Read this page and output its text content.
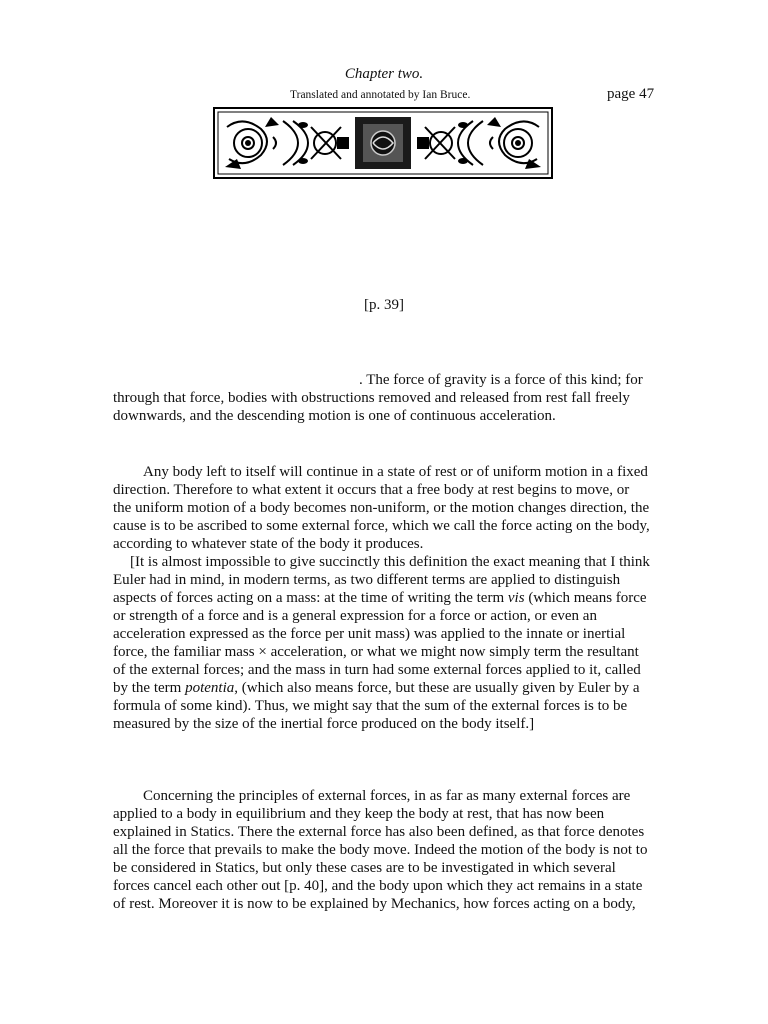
Chapter two.
Translated and annotated by Ian Bruce.	page 47
[p. 39]
. The force of gravity is a force of this kind; for
through that force, bodies with obstructions removed and released from rest fall freely
downwards, and the descending motion is one of continuous acceleration.
Any body left to itself will continue in a state of rest or of uniform motion in a fixed
direction. Therefore to what extent it occurs that a free body at rest begins to move, or
the uniform motion of a body becomes non-uniform, or the motion changes direction, the
cause is to be ascribed to some external force, which we call the force acting on the body,
according to whatever state of the body it produces.
[It is almost impossible to give succinctly this definition the exact meaning that I think
Euler had in mind, in modern terms, as two different terms are applied to distinguish
aspects of forces acting on a mass: at the time of writing the term vis (which means force
or strength of a force and is a general expression for a force or action, or even an
acceleration expressed as the force per unit mass) was applied to the innate or inertial
force, the familiar mass × acceleration, or what we might now simply term the resultant
of the external forces; and the mass in turn had some external forces applied to it, called
by the term potentia, (which also means force, but these are usually given by Euler by a
formula of some kind). Thus, we might say that the sum of the external forces is to be
measured by the size of the inertial force produced on the body itself.]
Concerning the principles of external forces, in as far as many external forces are
applied to a body in equilibrium and they keep the body at rest, that has now been
explained in Statics. There the external force has also been defined, as that force denotes
all the force that prevails to make the body move. Indeed the motion of the body is not to
be considered in Statics, but only these cases are to be investigated in which several
forces cancel each other out [p. 40], and the body upon which they act remains in a state
of rest. Moreover it is now to be explained by Mechanics, how forces acting on a body,
